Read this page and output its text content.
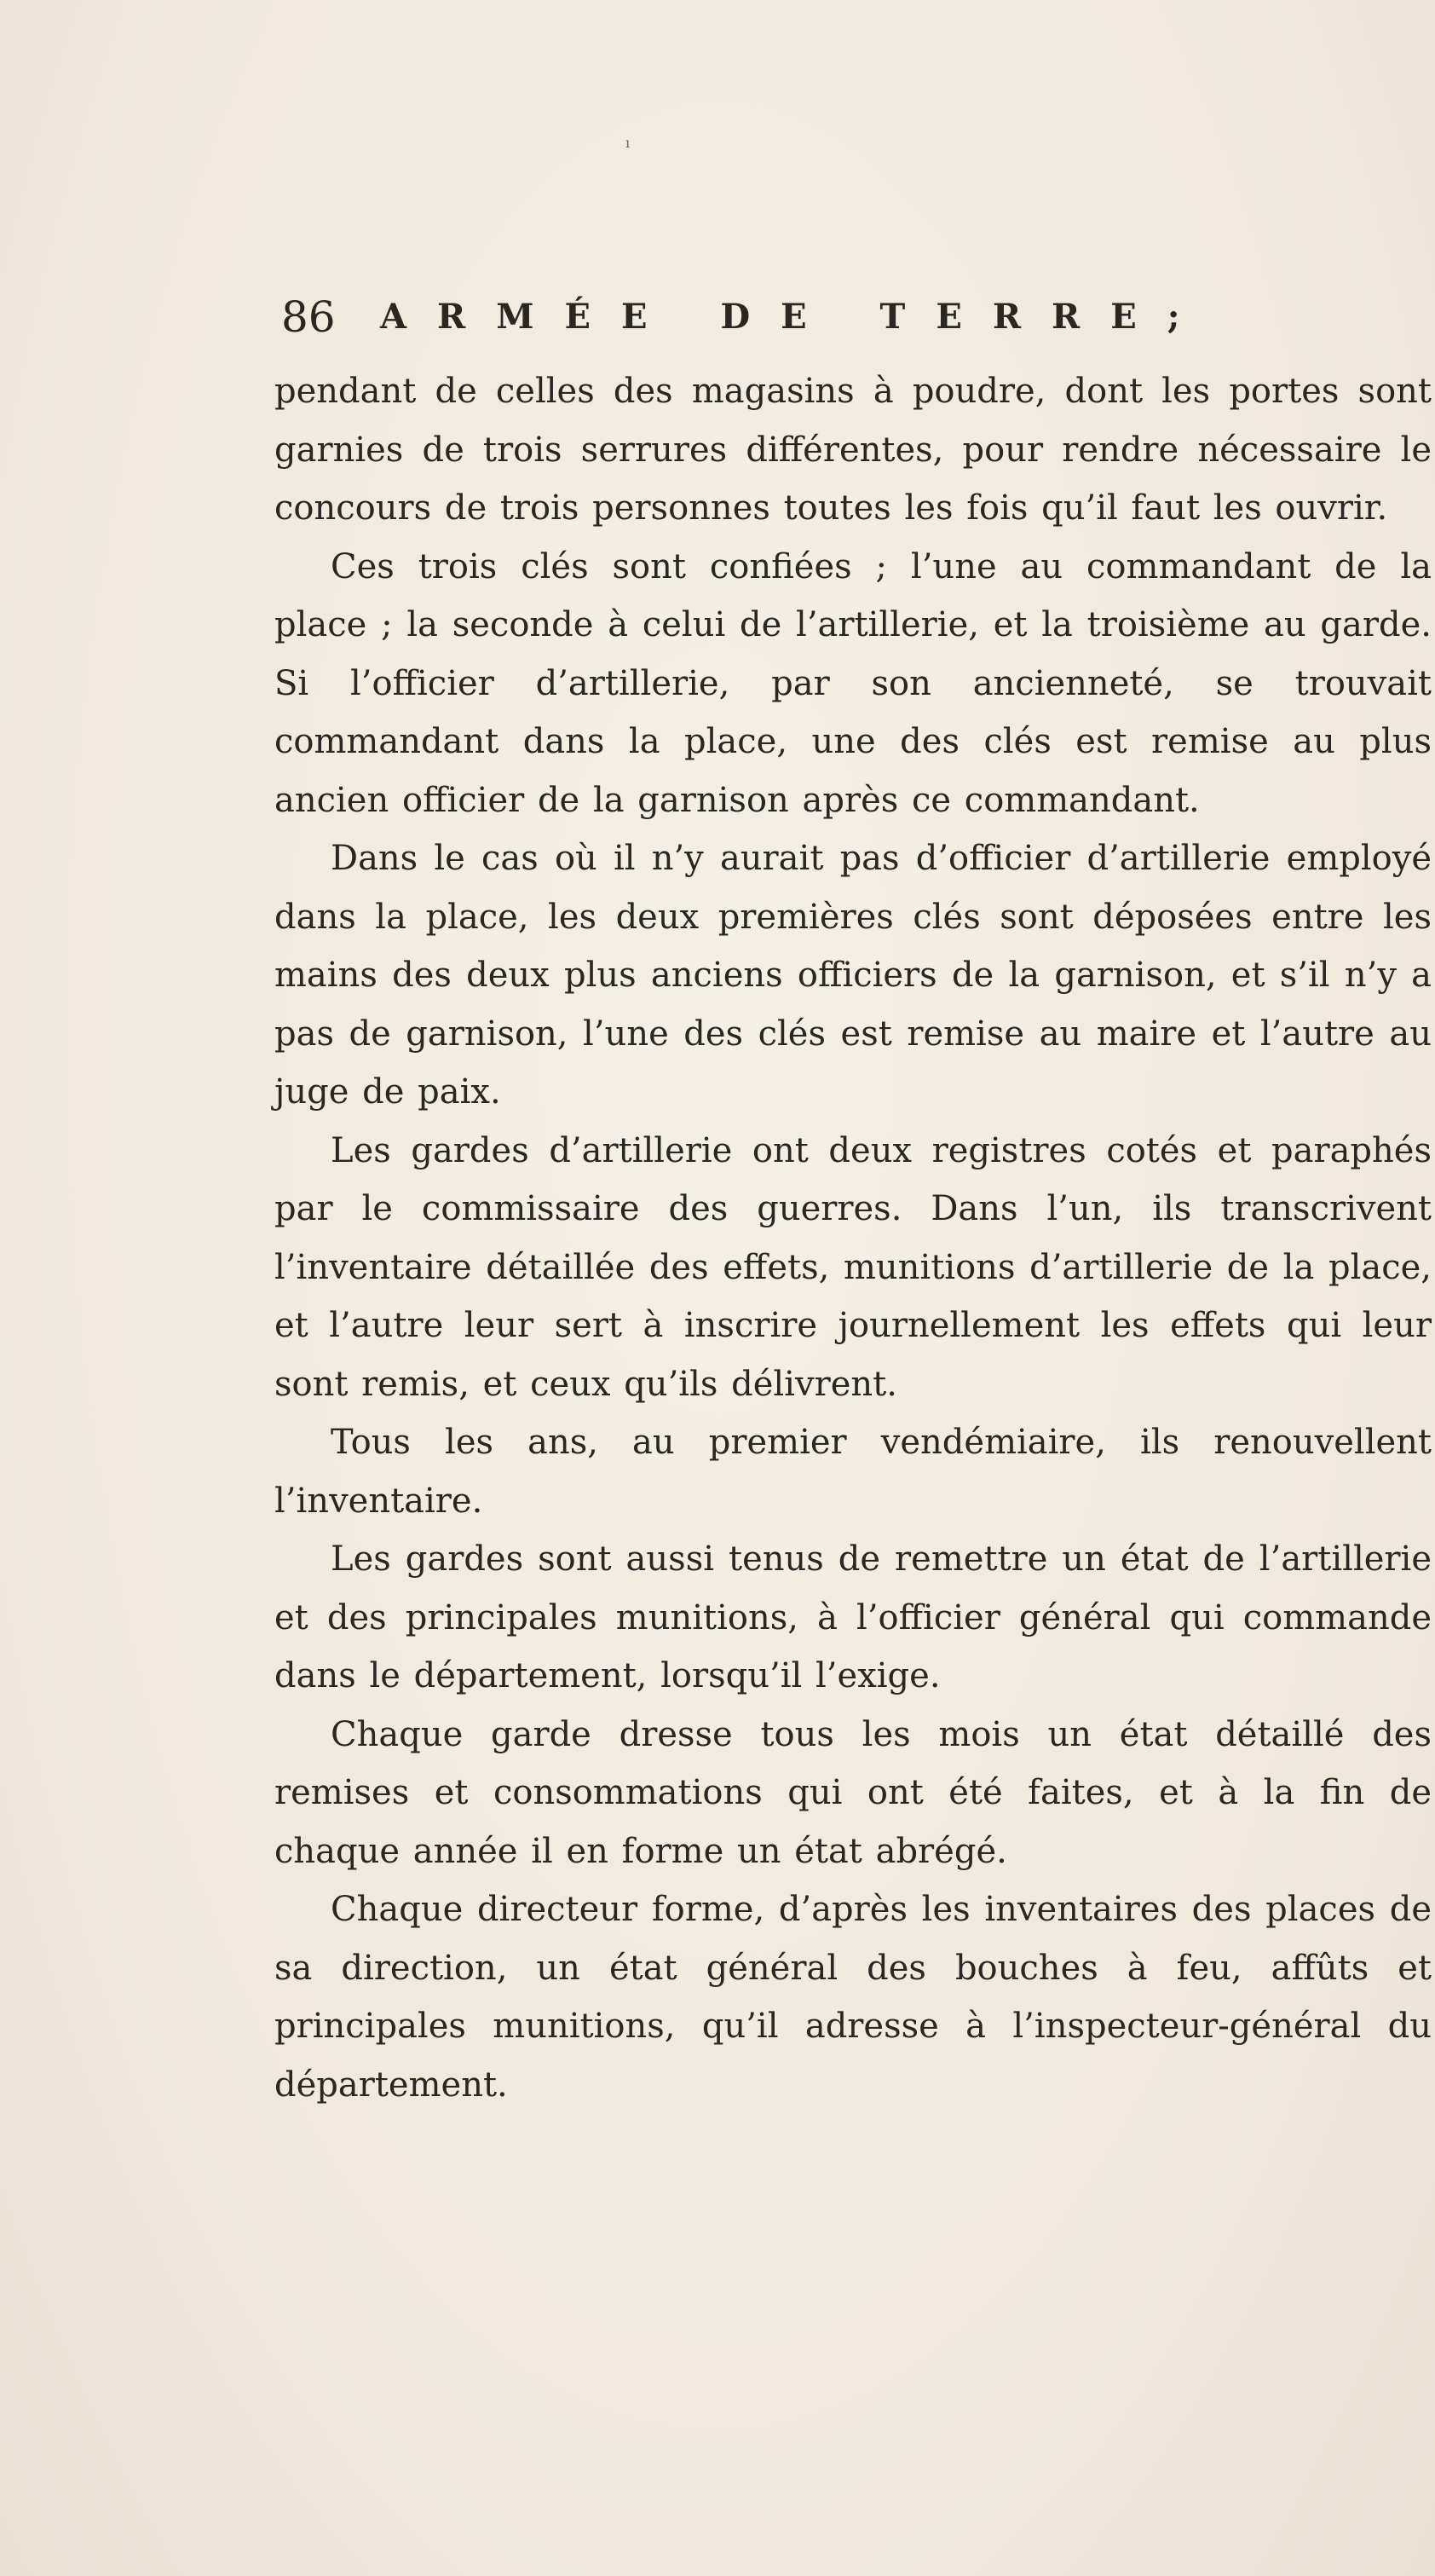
ı
86 ARMÉE DE TERRE;

pendant de celles des magasins à poudre, dont les portes sont garnies de trois serrures différentes, pour rendre nécessaire le concours de trois personnes toutes les fois qu’il faut les ouvrir.

Ces trois clés sont confiées ; l’une au commandant de la place ; la seconde à celui de l’artillerie, et la troisième au garde. Si l’officier d’artillerie, par son ancienneté, se trouvait commandant dans la place, une des clés est remise au plus ancien officier de la garnison après ce commandant.

Dans le cas où il n’y aurait pas d’officier d’artillerie employé dans la place, les deux premières clés sont déposées entre les mains des deux plus anciens officiers de la garnison, et s’il n’y a pas de garnison, l’une des clés est remise au maire et l’autre au juge de paix.

Les gardes d’artillerie ont deux registres cotés et paraphés par le commissaire des guerres. Dans l’un, ils transcrivent l’inventaire détaillée des effets, munitions d’artillerie de la place, et l’autre leur sert à inscrire journellement les effets qui leur sont remis, et ceux qu’ils délivrent.

Tous les ans, au premier vendémiaire, ils renouvellent l’inventaire.

Les gardes sont aussi tenus de remettre un état de l’artillerie et des principales munitions, à l’officier général qui commande dans le département, lorsqu’il l’exige.

Chaque garde dresse tous les mois un état détaillé des remises et consommations qui ont été faites, et à la fin de chaque année il en forme un état abrégé.

Chaque directeur forme, d’après les inventaires des places de sa direction, un état général des bouches à feu, affûts et principales munitions, qu’il adresse à l’inspecteur-général du département.
